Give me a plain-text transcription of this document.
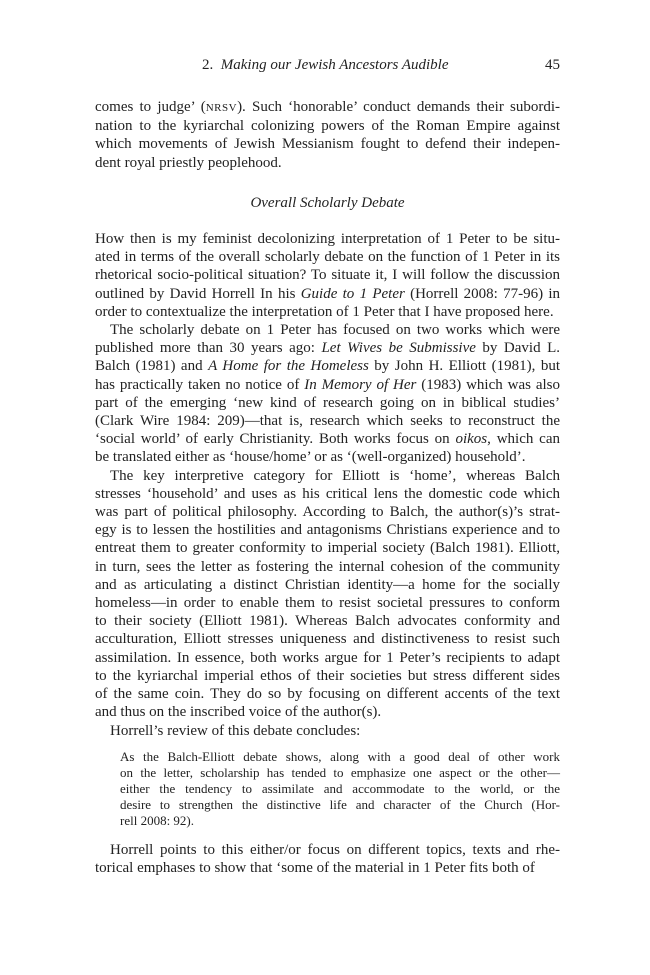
2. Making our Jewish Ancestors Audible	45
comes to judge’ (NRSV). Such ‘honorable’ conduct demands their subordi-
nation to the kyriarchal colonizing powers of the Roman Empire against
which movements of Jewish Messianism fought to defend their indepen-
dent royal priestly peoplehood.
Overall Scholarly Debate
How then is my feminist decolonizing interpretation of 1 Peter to be situ-
ated in terms of the overall scholarly debate on the function of 1 Peter in its
rhetorical socio-political situation? To situate it, I will follow the discussion
outlined by David Horrell In his Guide to 1 Peter (Horrell 2008: 77-96) in
order to contextualize the interpretation of 1 Peter that I have proposed here.
The scholarly debate on 1 Peter has focused on two works which were
published more than 30 years ago: Let Wives be Submissive by David L.
Balch (1981) and A Home for the Homeless by John H. Elliott (1981), but
has practically taken no notice of In Memory of Her (1983) which was also
part of the emerging ‘new kind of research going on in biblical studies’
(Clark Wire 1984: 209)—that is, research which seeks to reconstruct the
‘social world’ of early Christianity. Both works focus on oikos, which can
be translated either as ‘house/home’ or as ‘(well-organized) household’.
The key interpretive category for Elliott is ‘home’, whereas Balch
stresses ‘household’ and uses as his critical lens the domestic code which
was part of political philosophy. According to Balch, the author(s)’s strat-
egy is to lessen the hostilities and antagonisms Christians experience and to
entreat them to greater conformity to imperial society (Balch 1981). Elliott,
in turn, sees the letter as fostering the internal cohesion of the community
and as articulating a distinct Christian identity—a home for the socially
homeless—in order to enable them to resist societal pressures to conform
to their society (Elliott 1981). Whereas Balch advocates conformity and
acculturation, Elliott stresses uniqueness and distinctiveness to resist such
assimilation. In essence, both works argue for 1 Peter’s recipients to adapt
to the kyriarchal imperial ethos of their societies but stress different sides
of the same coin. They do so by focusing on different accents of the text
and thus on the inscribed voice of the author(s).
Horrell’s review of this debate concludes:
As the Balch-Elliott debate shows, along with a good deal of other work
on the letter, scholarship has tended to emphasize one aspect or the other—
either the tendency to assimilate and accommodate to the world, or the
desire to strengthen the distinctive life and character of the Church (Hor-
rell 2008: 92).
Horrell points to this either/or focus on different topics, texts and rhe-
torical emphases to show that ‘some of the material in 1 Peter fits both of
